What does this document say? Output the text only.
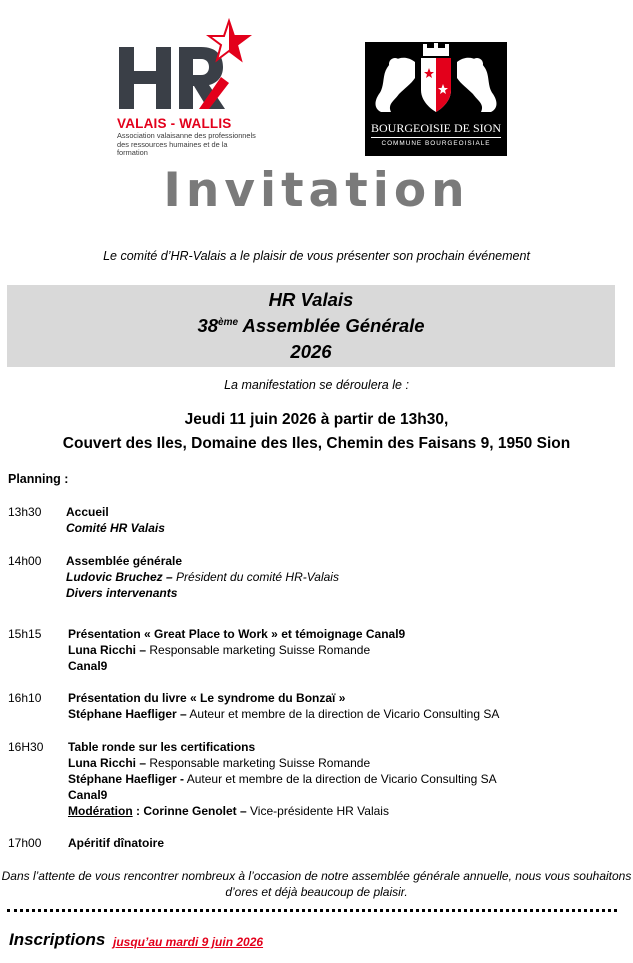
VALAIS - WALLIS
Association valaisanne des professionnels des ressources humaines et de la formation
BOURGEOISIE DE SION
COMMUNE BOURGEOISIALE
Invitation
Le comité d’HR-Valais a le plaisir de vous présenter son prochain événement
HR Valais
38ème Assemblée Générale
2026
La manifestation se déroulera le :
Jeudi 11 juin 2026 à partir de 13h30,
Couvert des Iles, Domaine des Iles, Chemin des Faisans 9, 1950 Sion
Planning :
13h30 Accueil
Comité HR Valais
14h00 Assemblée générale
Ludovic Bruchez – Président du comité HR-Valais
Divers intervenants
15h15 Présentation « Great Place to Work » et témoignage Canal9
Luna Ricchi – Responsable marketing Suisse Romande
Canal9
16h10 Présentation du livre « Le syndrome du Bonzaï »
Stéphane Haefliger – Auteur et membre de la direction de Vicario Consulting SA
16H30 Table ronde sur les certifications
Luna Ricchi – Responsable marketing Suisse Romande
Stéphane Haefliger - Auteur et membre de la direction de Vicario Consulting SA
Canal9
Modération : Corinne Genolet – Vice-présidente HR Valais
17h00 Apéritif dînatoire
Dans l’attente de vous rencontrer nombreux à l’occasion de notre assemblée générale annuelle, nous vous souhaitons
d’ores et déjà beaucoup de plaisir.
Inscriptions jusqu’au mardi 9 juin 2026
